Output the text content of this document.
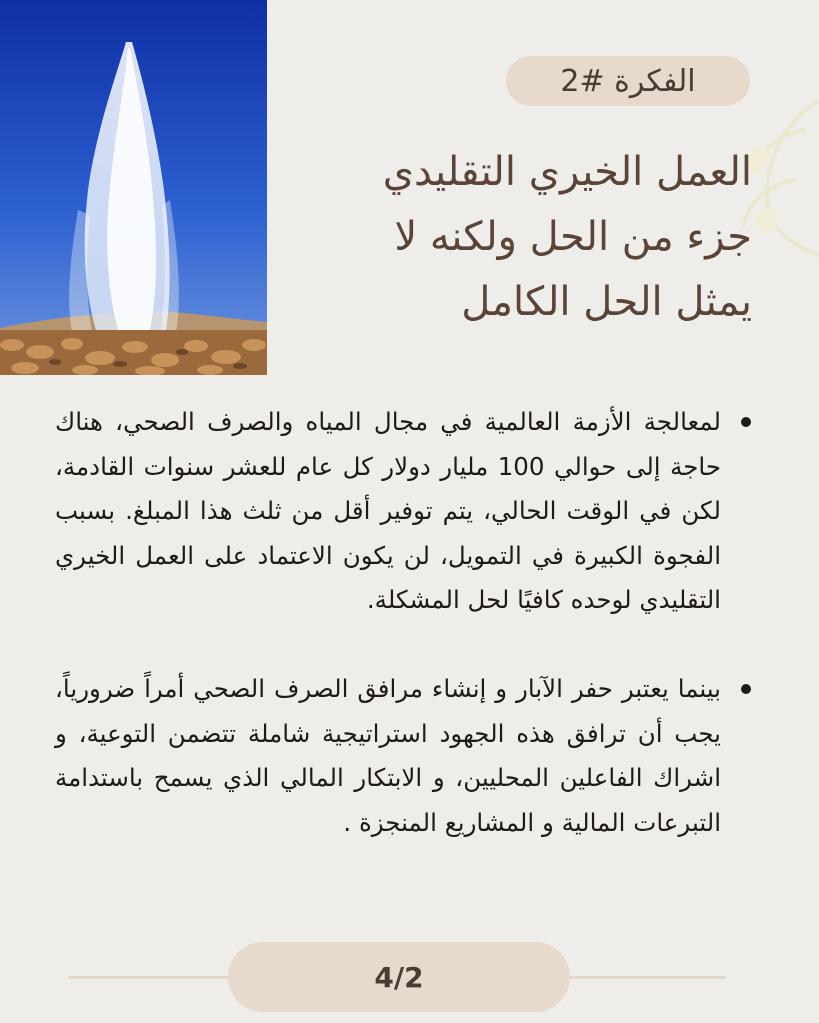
الفكرة #2
العمل الخيري التقليدي
جزء من الحل ولكنه لا
يمثل الحل الكامل

لمعالجة الأزمة العالمية في مجال المياه والصرف الصحي، هناك حاجة إلى حوالي 100 مليار دولار كل عام للعشر سنوات القادمة، لكن في الوقت الحالي، يتم توفير أقل من ثلث هذا المبلغ. بسبب الفجوة الكبيرة في التمويل، لن يكون الاعتماد على العمل الخيري التقليدي لوحده كافيًا لحل المشكلة.

بينما يعتبر حفر الآبار و إنشاء مرافق الصرف الصحي أمراً ضرورياً، يجب أن ترافق هذه الجهود استراتيجية شاملة تتضمن التوعية، و اشراك الفاعلين المحليين، و الابتكار المالي الذي يسمح باستدامة التبرعات المالية و المشاريع المنجزة .

4/2
